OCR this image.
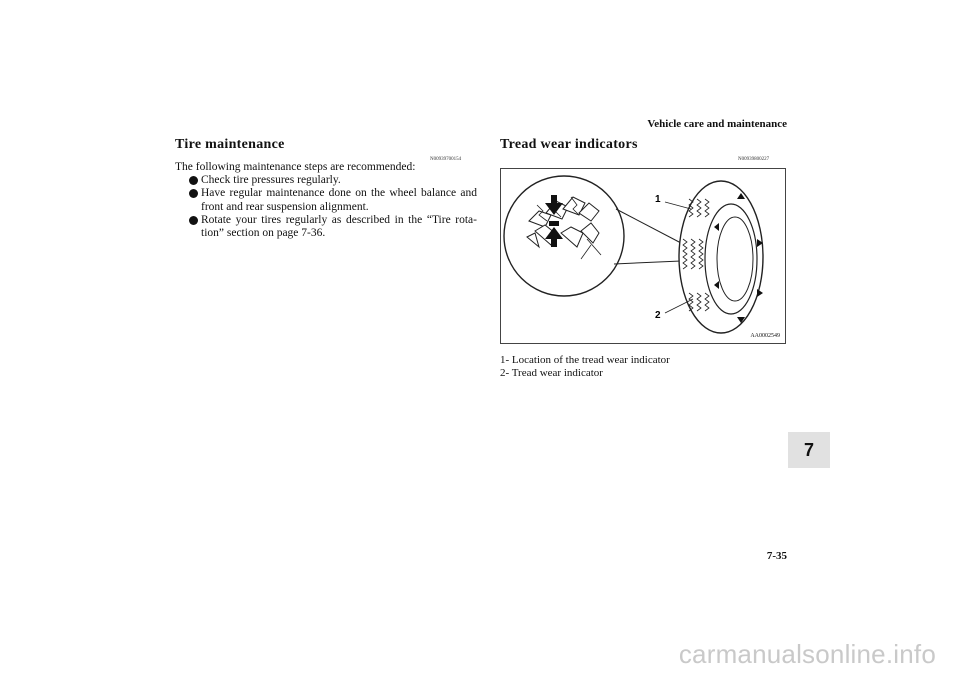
Vehicle care and maintenance
Tire maintenance
N00939700154
The following maintenance steps are recommended:
Check tire pressures regularly.
Have regular maintenance done on the wheel balance and front and rear suspension alignment.
Rotate your tires regularly as described in the “Tire rota-tion” section on page 7-36.
Tread wear indicators
N00939800227
1
2
AA0002549
1- Location of the tread wear indicator
2- Tread wear indicator
7
7-35
carmanualsonline.info
